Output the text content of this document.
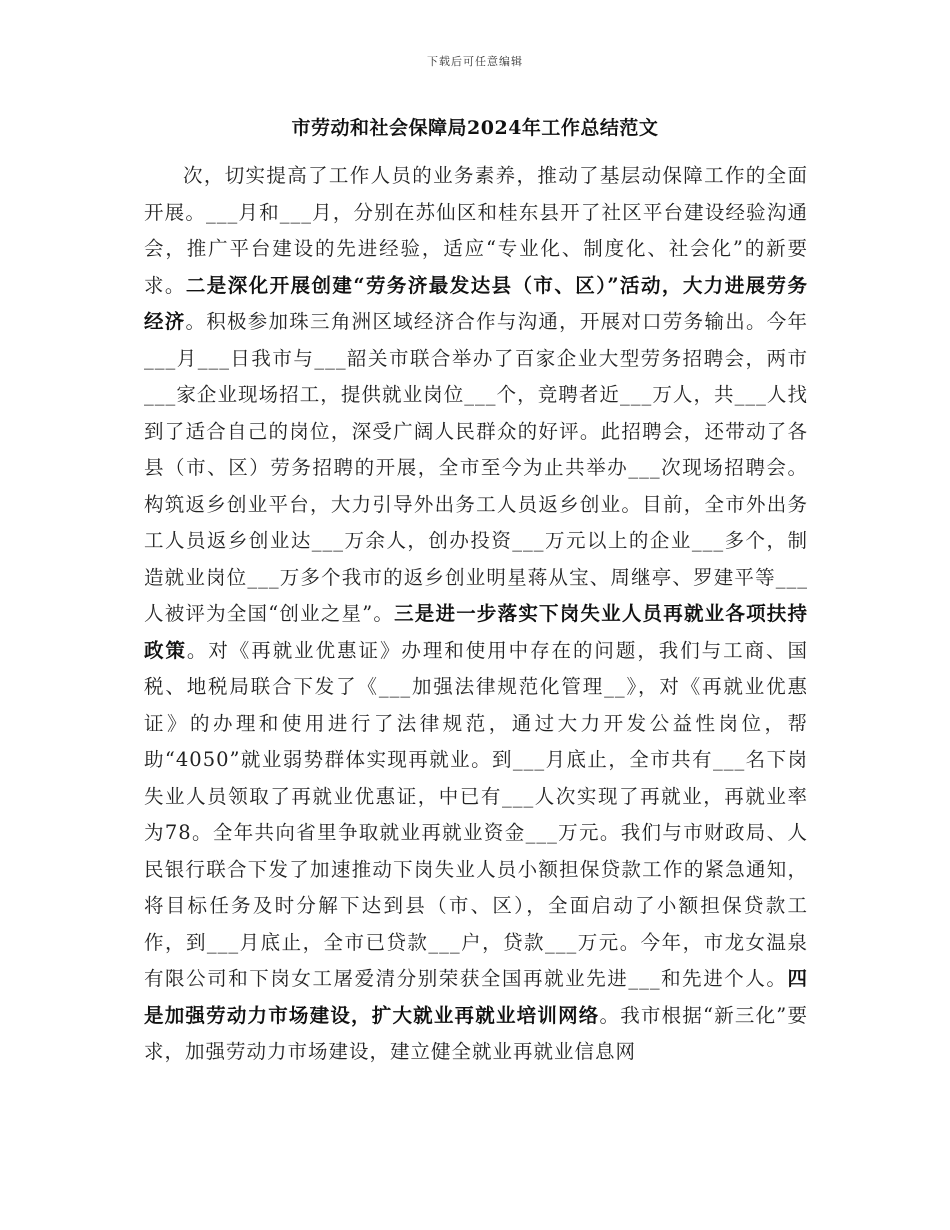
下载后可任意编辑
市劳动和社会保障局2024年工作总结范文
次，切实提高了工作人员的业务素养，推动了基层动保障工作的全面开展。___月和___月，分别在苏仙区和桂东县开了社区平台建设经验沟通会，推广平台建设的先进经验，适应“专业化、制度化、社会化”的新要求。二是深化开展创建“劳务济最发达县（市、区）”活动，大力进展劳务经济。积极参加珠三角洲区域经济合作与沟通，开展对口劳务输出。今年___月___日我市与___韶关市联合举办了百家企业大型劳务招聘会，两市___家企业现场招工，提供就业岗位___个，竞聘者近___万人，共___人找到了适合自己的岗位，深受广阔人民群众的好评。此招聘会，还带动了各县（市、区）劳务招聘的开展，全市至今为止共举办___次现场招聘会。构筑返乡创业平台，大力引导外出务工人员返乡创业。目前，全市外出务工人员返乡创业达___万余人，创办投资___万元以上的企业___多个，制造就业岗位___万多个我市的返乡创业明星蒋从宝、周继亭、罗建平等___人被评为全国“创业之星”。三是进一步落实下岗失业人员再就业各项扶持政策。对《再就业优惠证》办理和使用中存在的问题，我们与工商、国税、地税局联合下发了《___加强法律规范化管理__》，对《再就业优惠证》的办理和使用进行了法律规范，通过大力开发公益性岗位，帮助“4050”就业弱势群体实现再就业。到___月底止，全市共有___名下岗失业人员领取了再就业优惠证，中已有___人次实现了再就业，再就业率为78。全年共向省里争取就业再就业资金___万元。我们与市财政局、人民银行联合下发了加速推动下岗失业人员小额担保贷款工作的紧急通知，将目标任务及时分解下达到县（市、区），全面启动了小额担保贷款工作，到___月底止，全市已贷款___户，贷款___万元。今年，市龙女温泉有限公司和下岗女工屠爱清分别荣获全国再就业先进___和先进个人。四是加强劳动力市场建设，扩大就业再就业培训网络。我市根据“新三化”要求，加强劳动力市场建设，建立健全就业再就业信息网
